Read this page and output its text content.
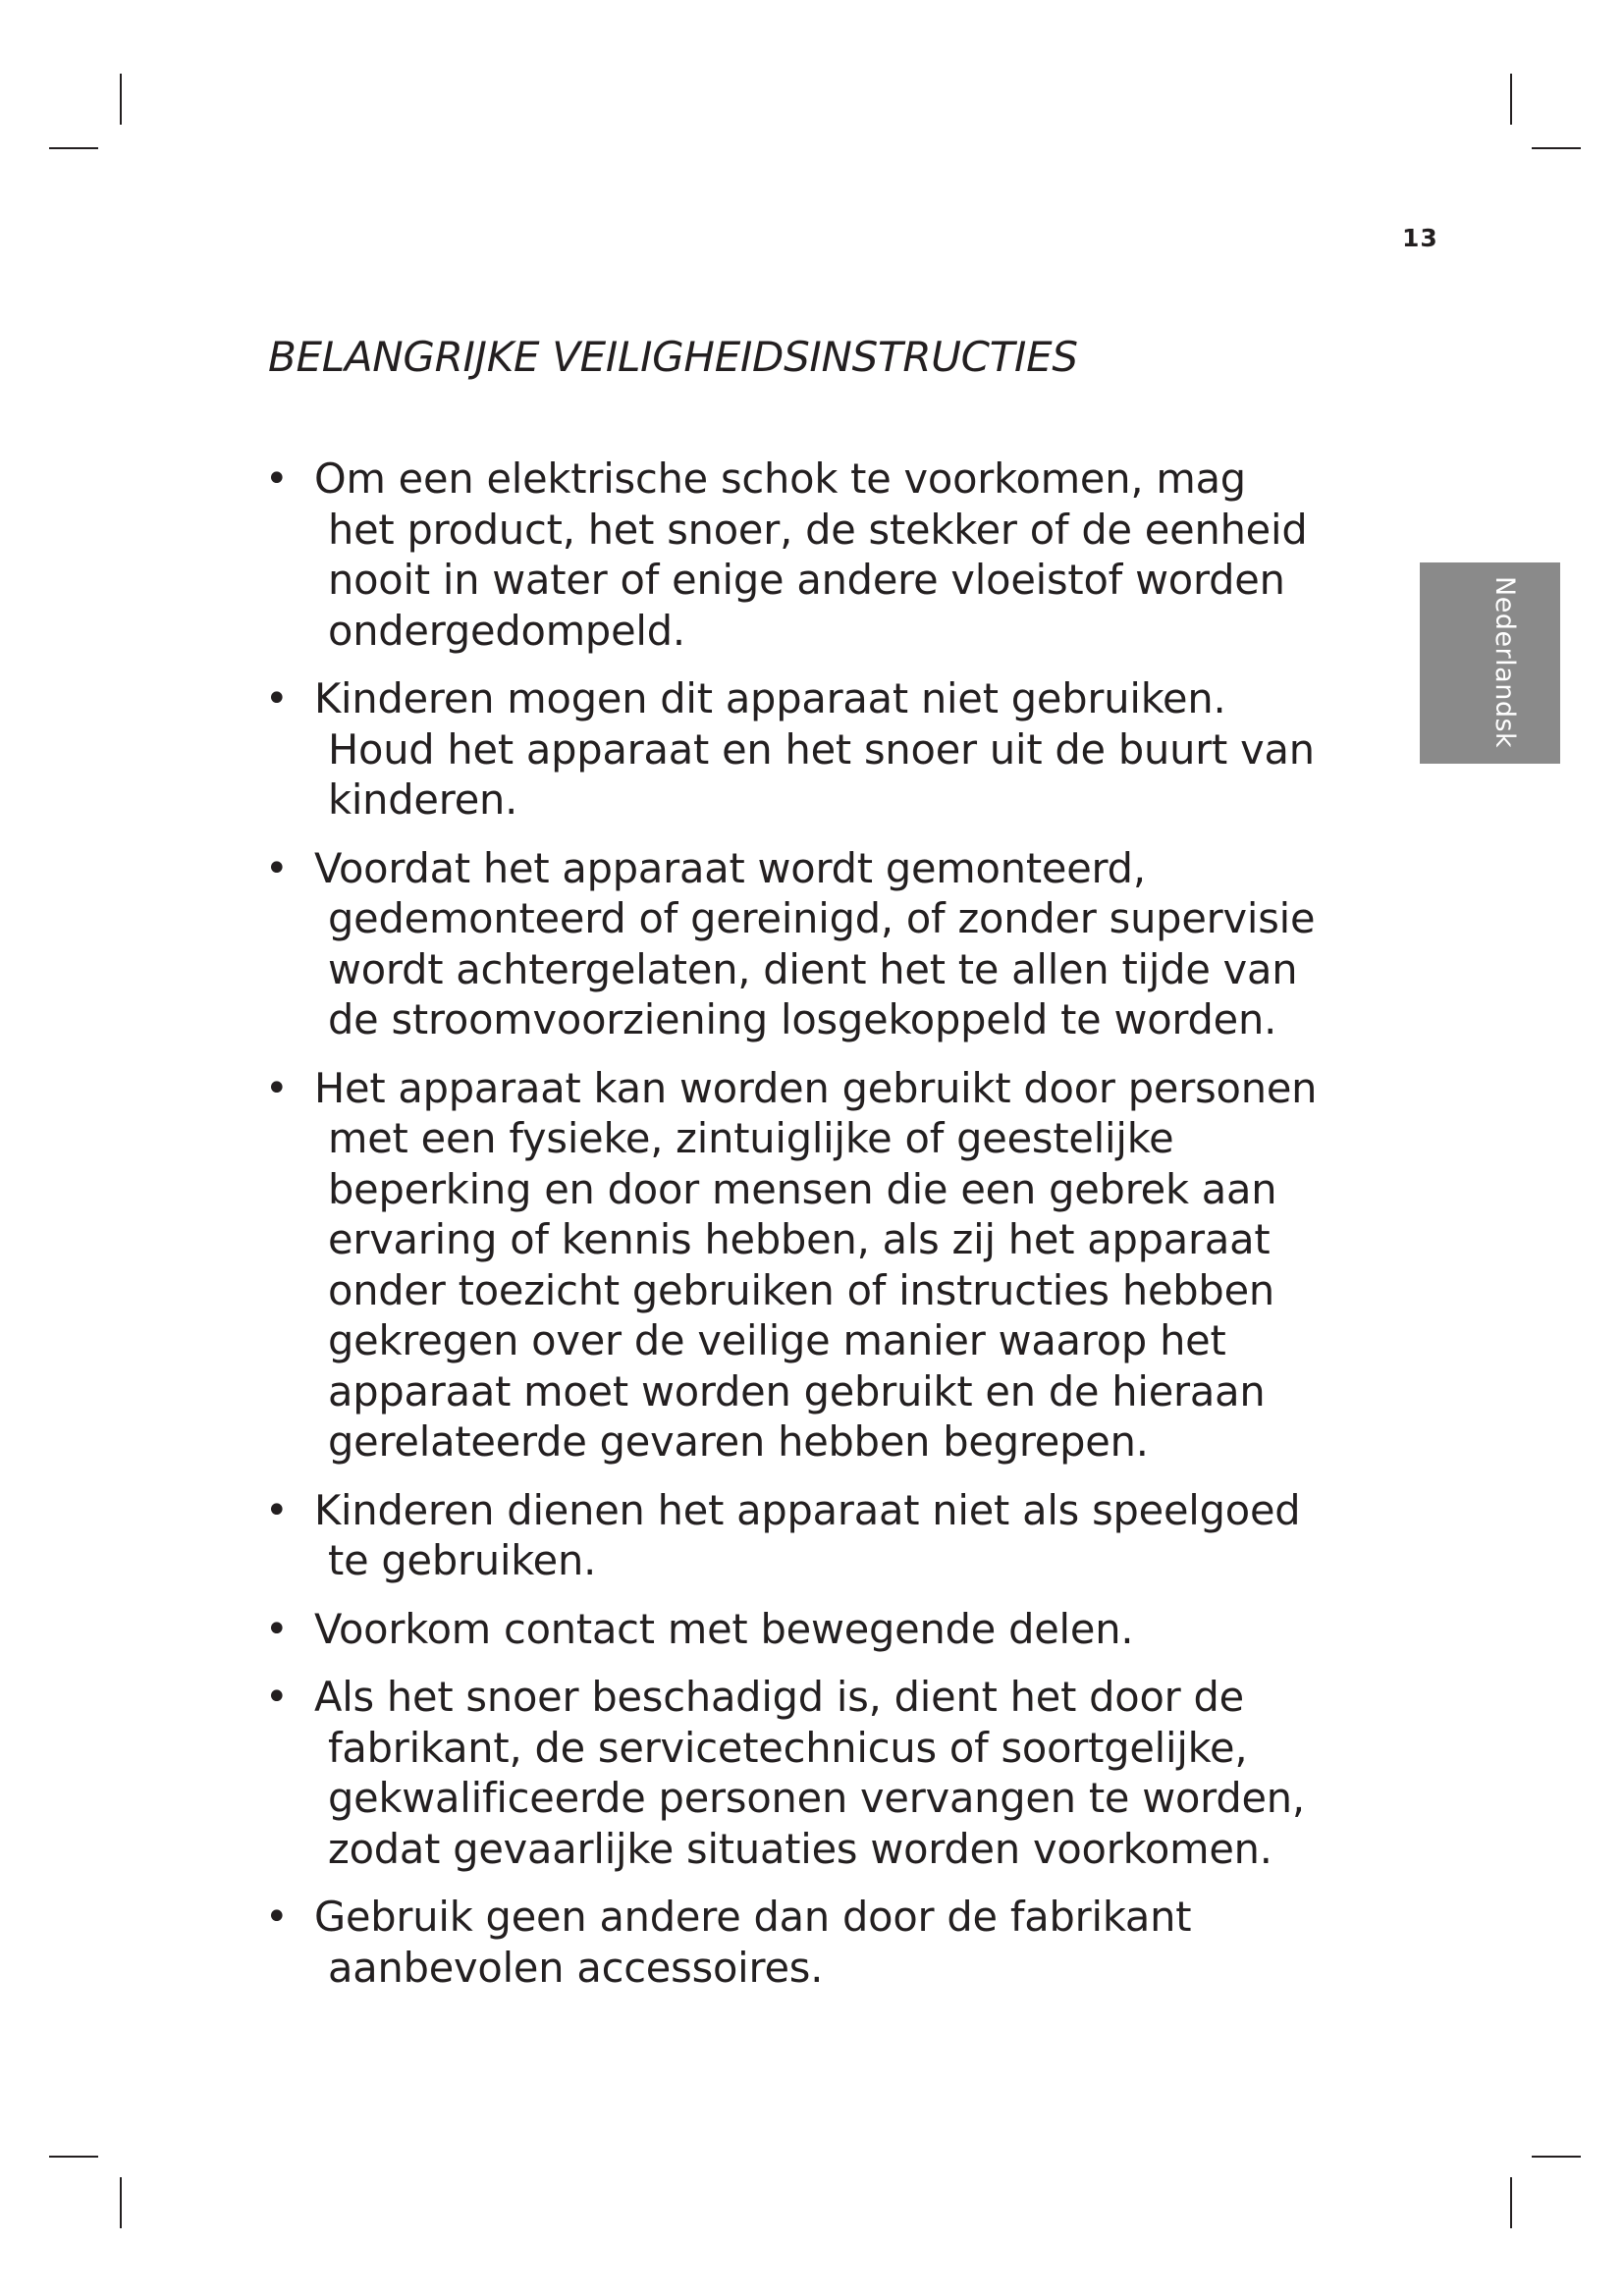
13
Nederlandsk
BELANGRIJKE VEILIGHEIDSINSTRUCTIES
• Om een elektrische schok te voorkomen, mag
het product, het snoer, de stekker of de eenheid
nooit in water of enige andere vloeistof worden
ondergedompeld.
• Kinderen mogen dit apparaat niet gebruiken.
Houd het apparaat en het snoer uit de buurt van
kinderen.
• Voordat het apparaat wordt gemonteerd,
gedemonteerd of gereinigd, of zonder supervisie
wordt achtergelaten, dient het te allen tijde van
de stroomvoorziening losgekoppeld te worden.
• Het apparaat kan worden gebruikt door personen
met een fysieke, zintuiglijke of geestelijke
beperking en door mensen die een gebrek aan
ervaring of kennis hebben, als zij het apparaat
onder toezicht gebruiken of instructies hebben
gekregen over de veilige manier waarop het
apparaat moet worden gebruikt en de hieraan
gerelateerde gevaren hebben begrepen.
• Kinderen dienen het apparaat niet als speelgoed
te gebruiken.
• Voorkom contact met bewegende delen.
• Als het snoer beschadigd is, dient het door de
fabrikant, de servicetechnicus of soortgelijke,
gekwalificeerde personen vervangen te worden,
zodat gevaarlijke situaties worden voorkomen.
• Gebruik geen andere dan door de fabrikant
aanbevolen accessoires.
